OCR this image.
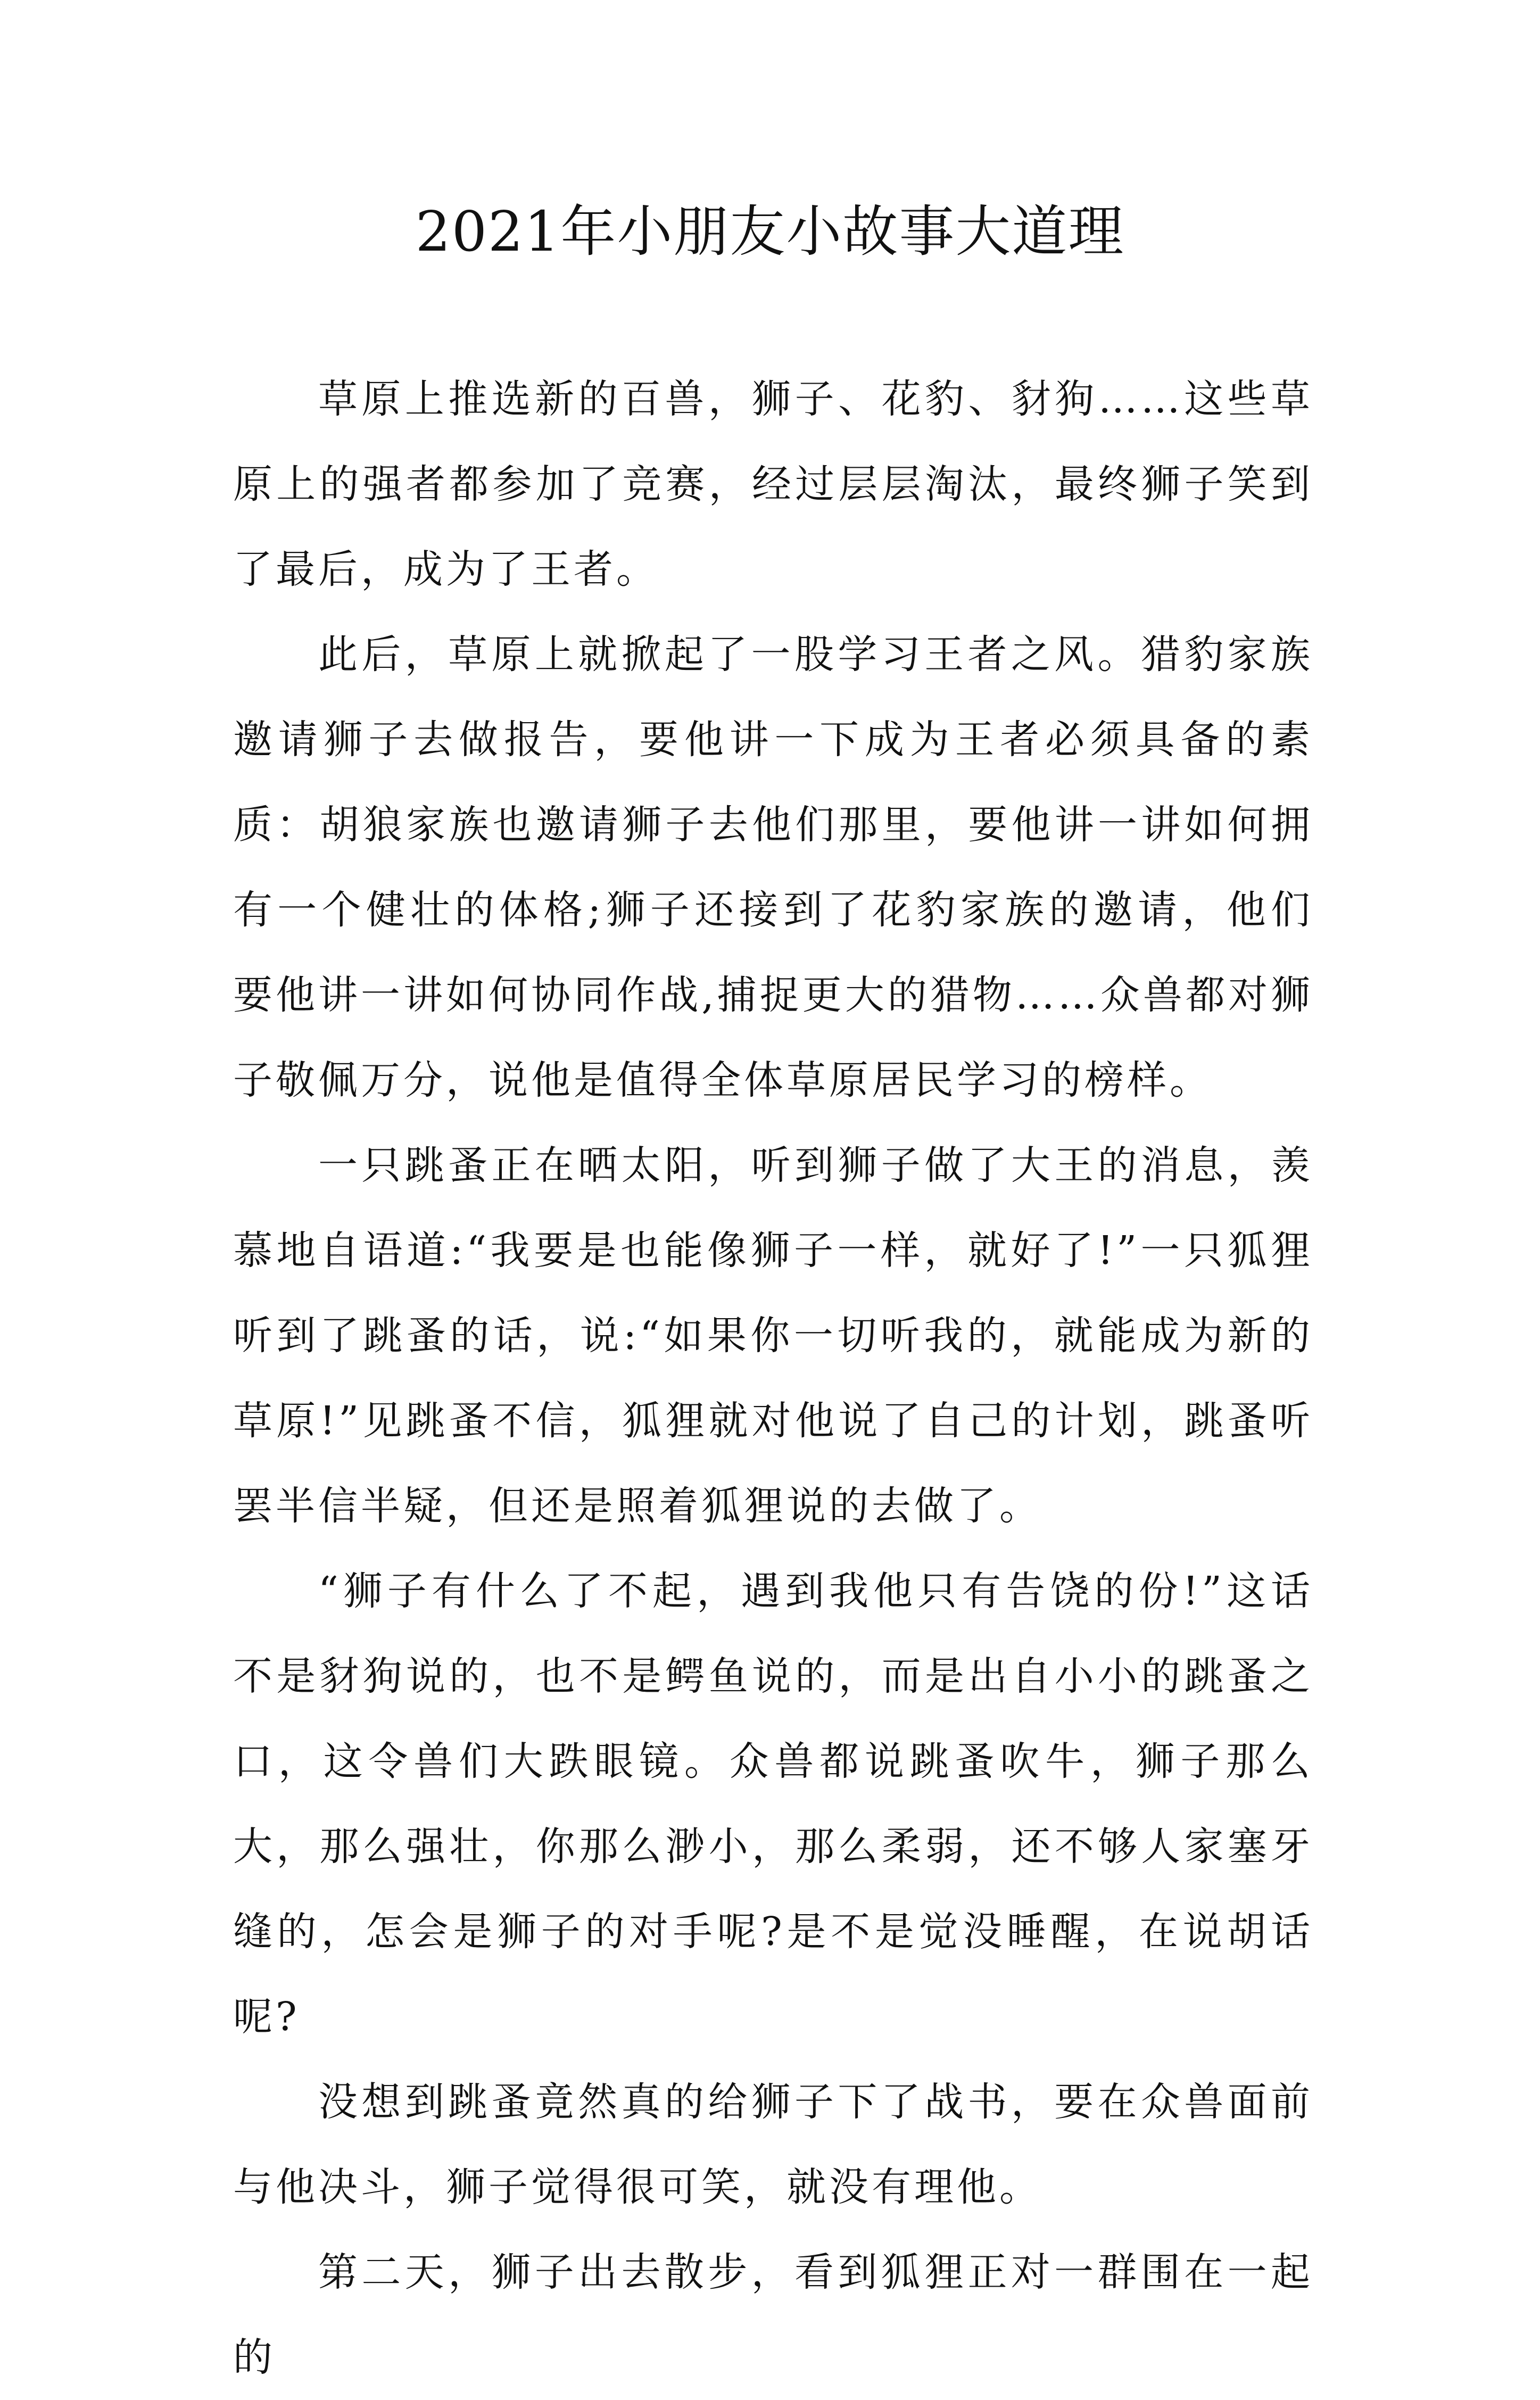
2021年小朋友小故事大道理

草原上推选新的百兽，狮子、花豹、豺狗……这些草原上的强者都参加了竞赛，经过层层淘汰，最终狮子笑到了最后，成为了王者。

此后，草原上就掀起了一股学习王者之风。猎豹家族邀请狮子去做报告，要他讲一下成为王者必须具备的素质：胡狼家族也邀请狮子去他们那里，要他讲一讲如何拥有一个健壮的体格;狮子还接到了花豹家族的邀请，他们要他讲一讲如何协同作战,捕捉更大的猎物……众兽都对狮子敬佩万分，说他是值得全体草原居民学习的榜样。

一只跳蚤正在晒太阳，听到狮子做了大王的消息，羡慕地自语道:“我要是也能像狮子一样，就好了!”一只狐狸听到了跳蚤的话，说:“如果你一切听我的，就能成为新的草原!”见跳蚤不信，狐狸就对他说了自己的计划，跳蚤听罢半信半疑，但还是照着狐狸说的去做了。

“狮子有什么了不起，遇到我他只有告饶的份!”这话不是豺狗说的，也不是鳄鱼说的，而是出自小小的跳蚤之口，这令兽们大跌眼镜。众兽都说跳蚤吹牛，狮子那么大，那么强壮，你那么渺小，那么柔弱，还不够人家塞牙缝的，怎会是狮子的对手呢?是不是觉没睡醒，在说胡话呢?

没想到跳蚤竟然真的给狮子下了战书，要在众兽面前与他决斗，狮子觉得很可笑，就没有理他。

第二天，狮子出去散步，看到狐狸正对一群围在一起的
